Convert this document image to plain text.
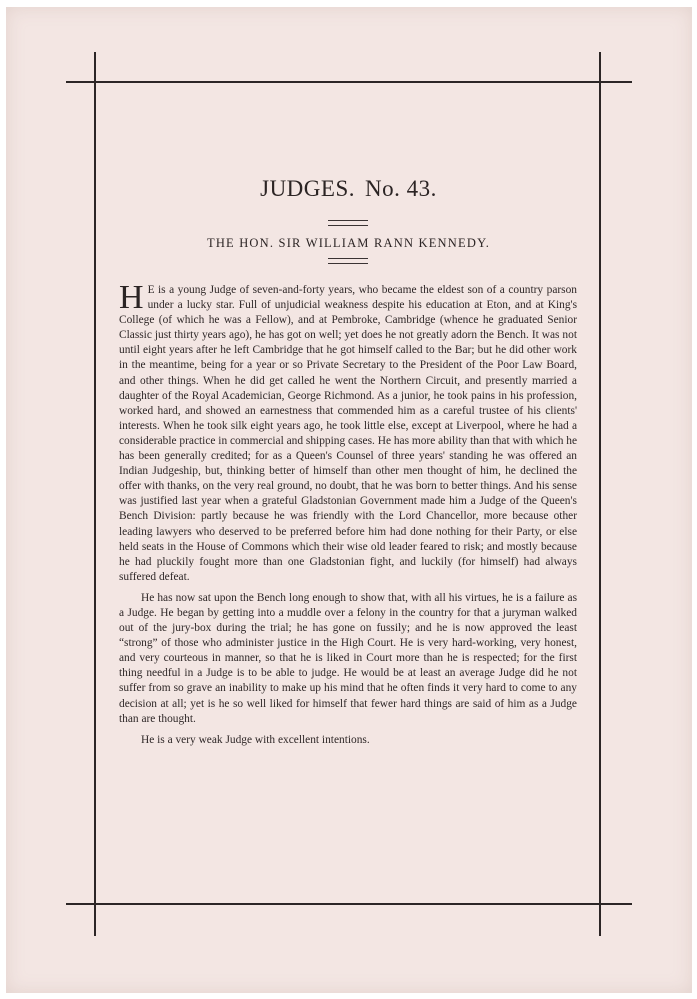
JUDGES. No. 43.
THE HON. SIR WILLIAM RANN KENNEDY.

H E is a young Judge of seven-and-forty years, who became the eldest son of a country parson under a lucky star. Full of unjudicial weakness despite his education at Eton, and at King's College (of which he was a Fellow), and at Pembroke, Cambridge (whence he graduated Senior Classic just thirty years ago), he has got on well; yet does he not greatly adorn the Bench. It was not until eight years after he left Cambridge that he got himself called to the Bar; but he did other work in the meantime, being for a year or so Private Secretary to the President of the Poor Law Board, and other things. When he did get called he went the Northern Circuit, and presently married a daughter of the Royal Academician, George Richmond. As a junior, he took pains in his profession, worked hard, and showed an earnestness that commended him as a careful trustee of his clients' interests. When he took silk eight years ago, he took little else, except at Liverpool, where he had a considerable practice in commercial and shipping cases. He has more ability than that with which he has been generally credited; for as a Queen's Counsel of three years' standing he was offered an Indian Judgeship, but, thinking better of himself than other men thought of him, he declined the offer with thanks, on the very real ground, no doubt, that he was born to better things. And his sense was justified last year when a grateful Gladstonian Government made him a Judge of the Queen's Bench Division: partly because he was friendly with the Lord Chancellor, more because other leading lawyers who deserved to be preferred before him had done nothing for their Party, or else held seats in the House of Commons which their wise old leader feared to risk; and mostly because he had pluckily fought more than one Gladstonian fight, and luckily (for himself) had always suffered defeat.

He has now sat upon the Bench long enough to show that, with all his virtues, he is a failure as a Judge. He began by getting into a muddle over a felony in the country for that a juryman walked out of the jury-box during the trial; he has gone on fussily; and he is now approved the least “strong” of those who administer justice in the High Court. He is very hard-working, very honest, and very courteous in manner, so that he is liked in Court more than he is respected; for the first thing needful in a Judge is to be able to judge. He would be at least an average Judge did he not suffer from so grave an inability to make up his mind that he often finds it very hard to come to any decision at all; yet is he so well liked for himself that fewer hard things are said of him as a Judge than are thought.

He is a very weak Judge with excellent intentions.
